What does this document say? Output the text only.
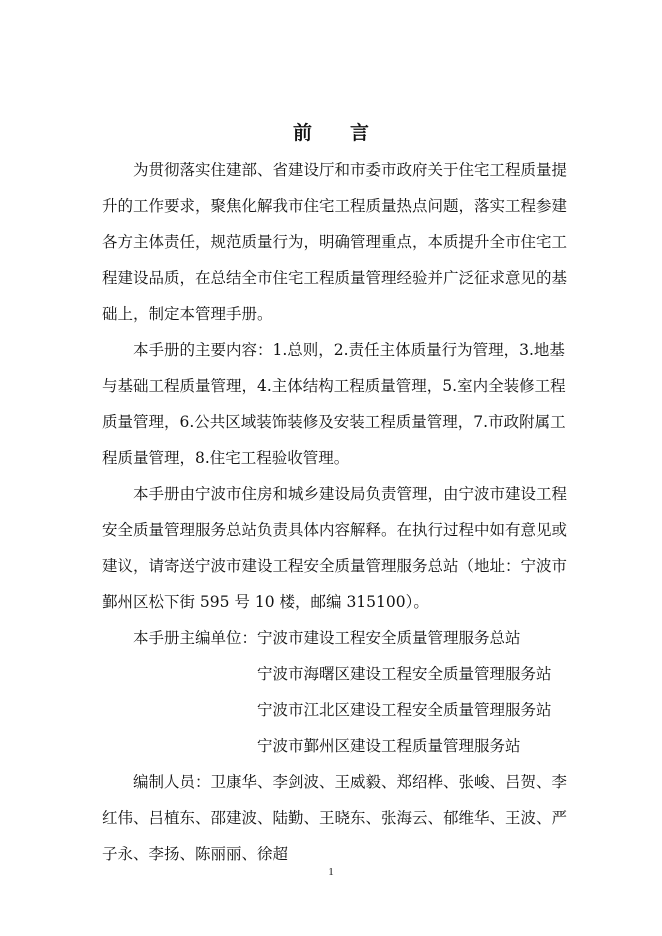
前 言
为贯彻落实住建部、省建设厅和市委市政府关于住宅工程质量提
升的工作要求，聚焦化解我市住宅工程质量热点问题，落实工程参建
各方主体责任，规范质量行为，明确管理重点，本质提升全市住宅工
程建设品质，在总结全市住宅工程质量管理经验并广泛征求意见的基
础上，制定本管理手册。
本手册的主要内容：1.总则，2.责任主体质量行为管理，3.地基
与基础工程质量管理，4.主体结构工程质量管理，5.室内全装修工程
质量管理，6.公共区域装饰装修及安装工程质量管理，7.市政附属工
程质量管理，8.住宅工程验收管理。
本手册由宁波市住房和城乡建设局负责管理，由宁波市建设工程
安全质量管理服务总站负责具体内容解释。在执行过程中如有意见或
建议，请寄送宁波市建设工程安全质量管理服务总站（地址：宁波市
鄞州区松下街 595 号 10 楼，邮编 315100）。
本手册主编单位：宁波市建设工程安全质量管理服务总站
宁波市海曙区建设工程安全质量管理服务站
宁波市江北区建设工程安全质量管理服务站
宁波市鄞州区建设工程质量管理服务站
编制人员：卫康华、李剑波、王威毅、郑绍桦、张峻、吕贺、李
红伟、吕植东、邵建波、陆勤、王晓东、张海云、郁维华、王波、严
子永、李扬、陈丽丽、徐超
1
